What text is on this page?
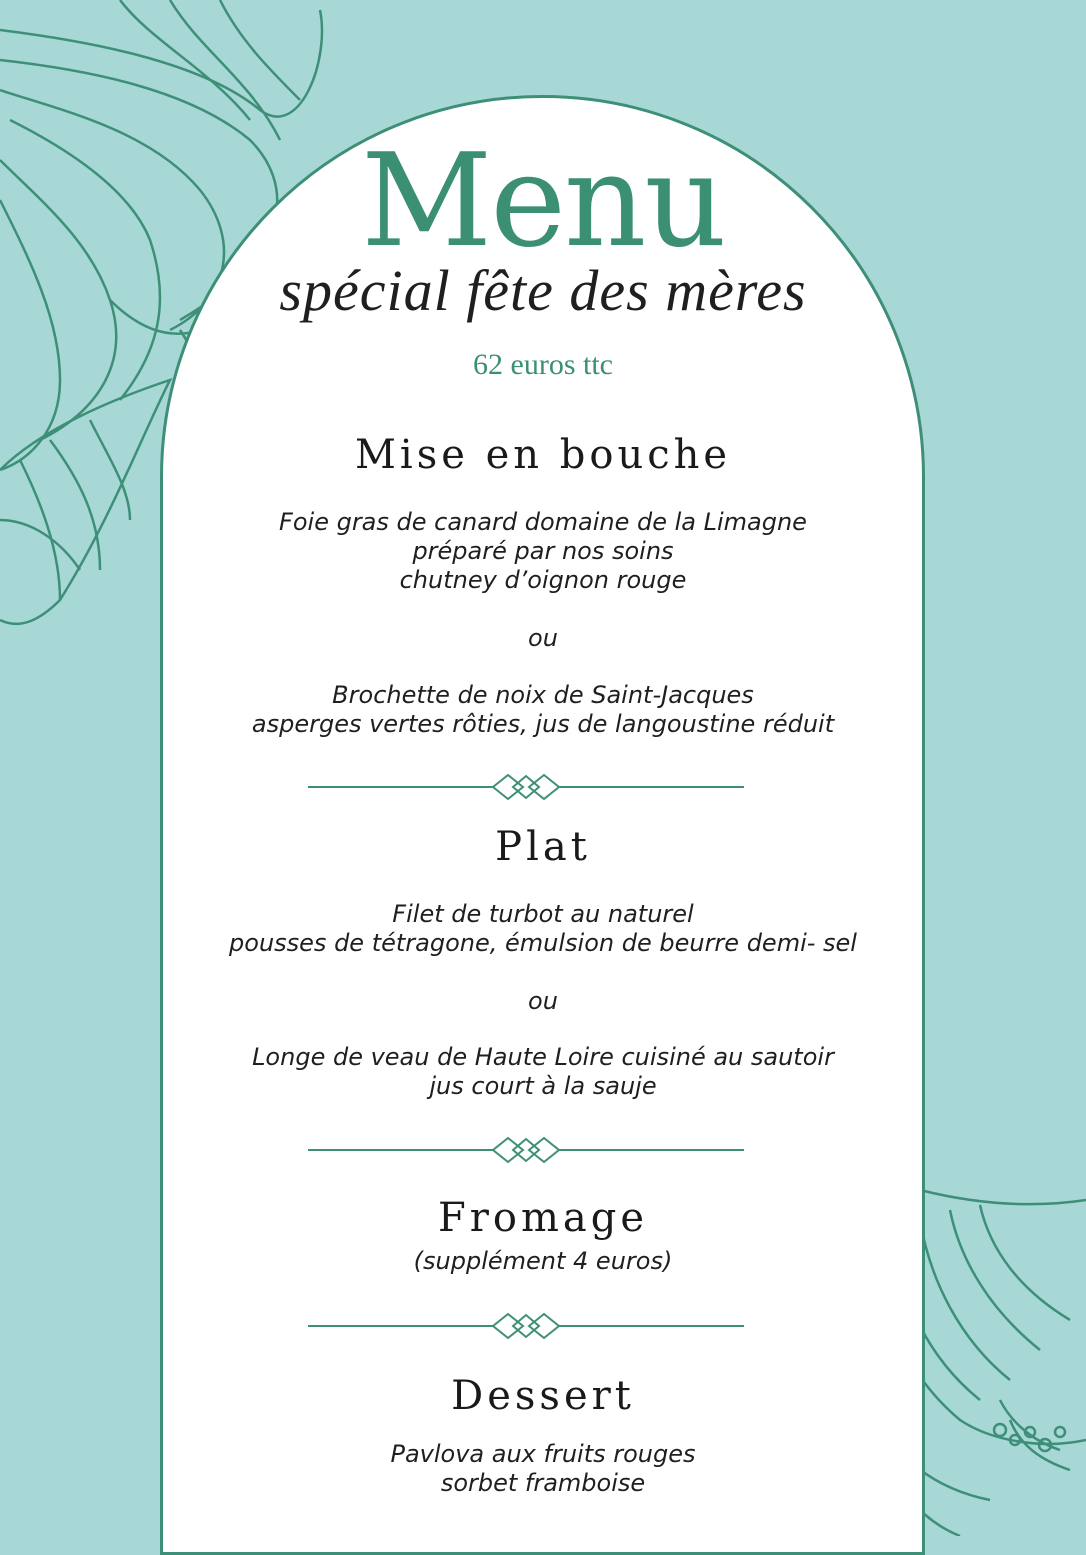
Menu
spécial fête des mères
62 euros ttc
Mise en bouche
Foie gras de canard domaine de la Limagne
préparé par nos soins
chutney d’oignon rouge
ou
Brochette de noix de Saint-Jacques
asperges vertes rôties, jus de langoustine réduit
Plat
Filet de turbot au naturel
pousses de tétragone, émulsion de beurre demi- sel
ou
Longe de veau de Haute Loire cuisiné au sautoir
jus court à la sauje
Fromage
(supplément 4 euros)
Dessert
Pavlova aux fruits rouges
sorbet framboise
